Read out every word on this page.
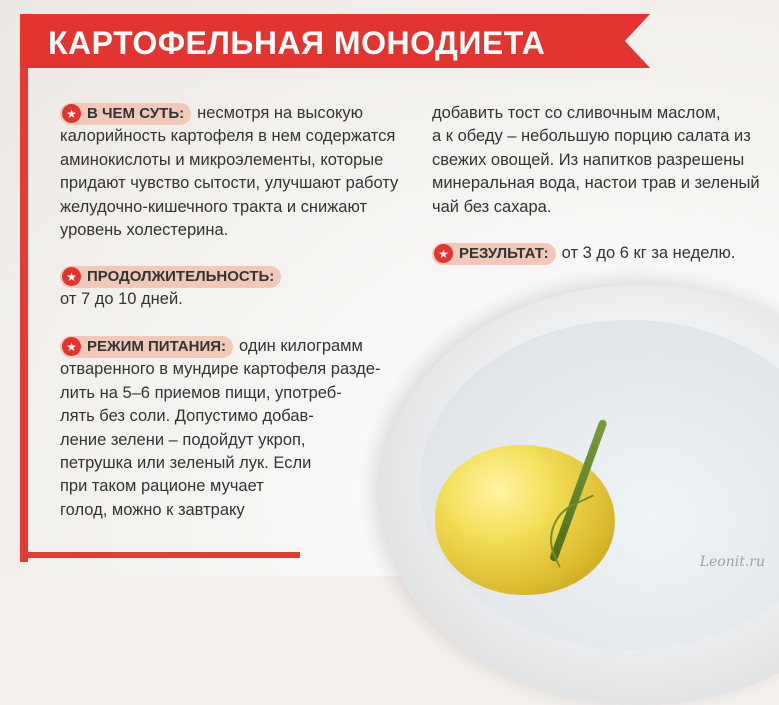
КАРТОФЕЛЬНАЯ МОНОДИЕТА
★ В ЧЕМ СУТЬ: несмотря на высокую
калорийность картофеля в нем содержатся
аминокислоты и микроэлементы, которые
придают чувство сытости, улучшают работу
желудочно-кишечного тракта и снижают
уровень холестерина.
★ ПРОДОЛЖИТЕЛЬНОСТЬ:
от 7 до 10 дней.
★ РЕЖИМ ПИТАНИЯ: один килограмм
отваренного в мундире картофеля разде-
лить на 5–6 приемов пищи, употреб-
лять без соли. Допустимо добав-
ление зелени – подойдут укроп,
петрушка или зеленый лук. Если
при таком рационе мучает
голод, можно к завтраку
добавить тост со сливочным маслом,
а к обеду – небольшую порцию салата из
свежих овощей. Из напитков разрешены
минеральная вода, настои трав и зеленый
чай без сахара.
★ РЕЗУЛЬТАТ: от 3 до 6 кг за неделю.
Leonit.ru
